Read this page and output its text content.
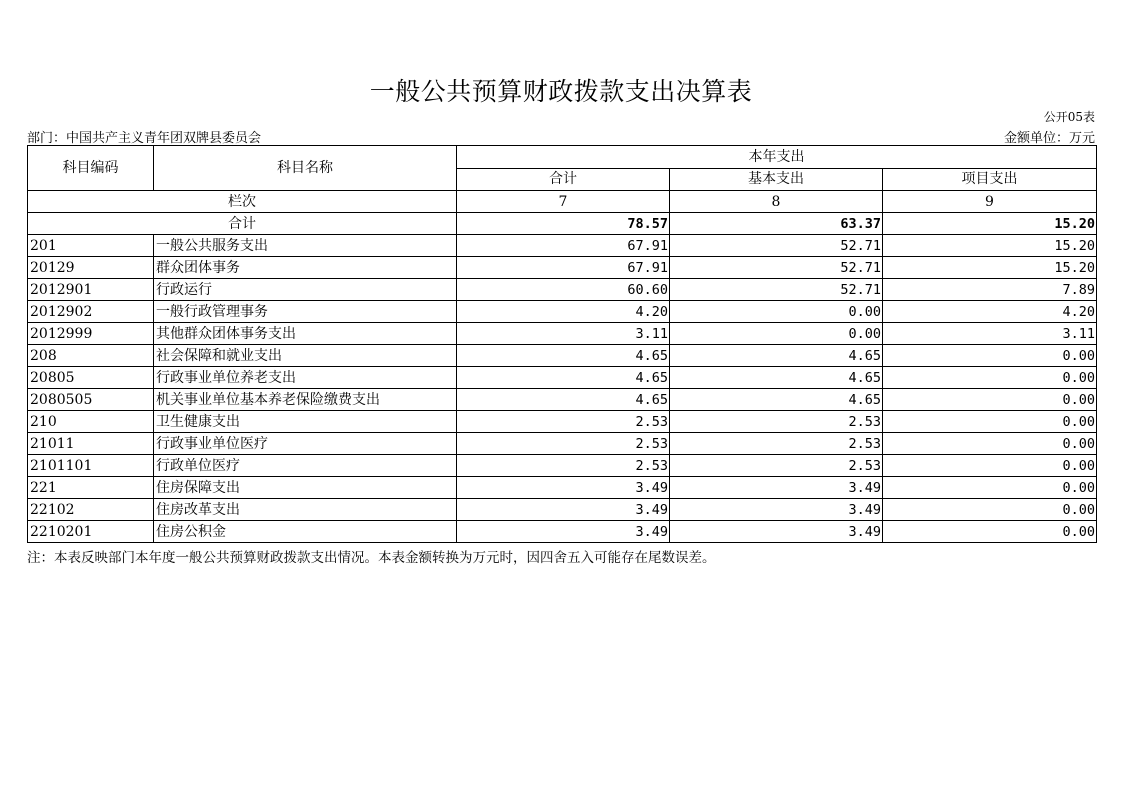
一般公共预算财政拨款支出决算表
公开05表
部门：中国共产主义青年团双牌县委员会	金额单位：万元
科目编码	科目名称	本年支出		
		合计	基本支出	项目支出
栏次		7	8	9
合计		78.57	63.37	15.20
201	一般公共服务支出	67.91	52.71	15.20
20129	群众团体事务	67.91	52.71	15.20
2012901	行政运行	60.60	52.71	7.89
2012902	一般行政管理事务	4.20	0.00	4.20
2012999	其他群众团体事务支出	3.11	0.00	3.11
208	社会保障和就业支出	4.65	4.65	0.00
20805	行政事业单位养老支出	4.65	4.65	0.00
2080505	机关事业单位基本养老保险缴费支出	4.65	4.65	0.00
210	卫生健康支出	2.53	2.53	0.00
21011	行政事业单位医疗	2.53	2.53	0.00
2101101	行政单位医疗	2.53	2.53	0.00
221	住房保障支出	3.49	3.49	0.00
22102	住房改革支出	3.49	3.49	0.00
2210201	住房公积金	3.49	3.49	0.00
注：本表反映部门本年度一般公共预算财政拨款支出情况。本表金额转换为万元时，因四舍五入可能存在尾数误差。
